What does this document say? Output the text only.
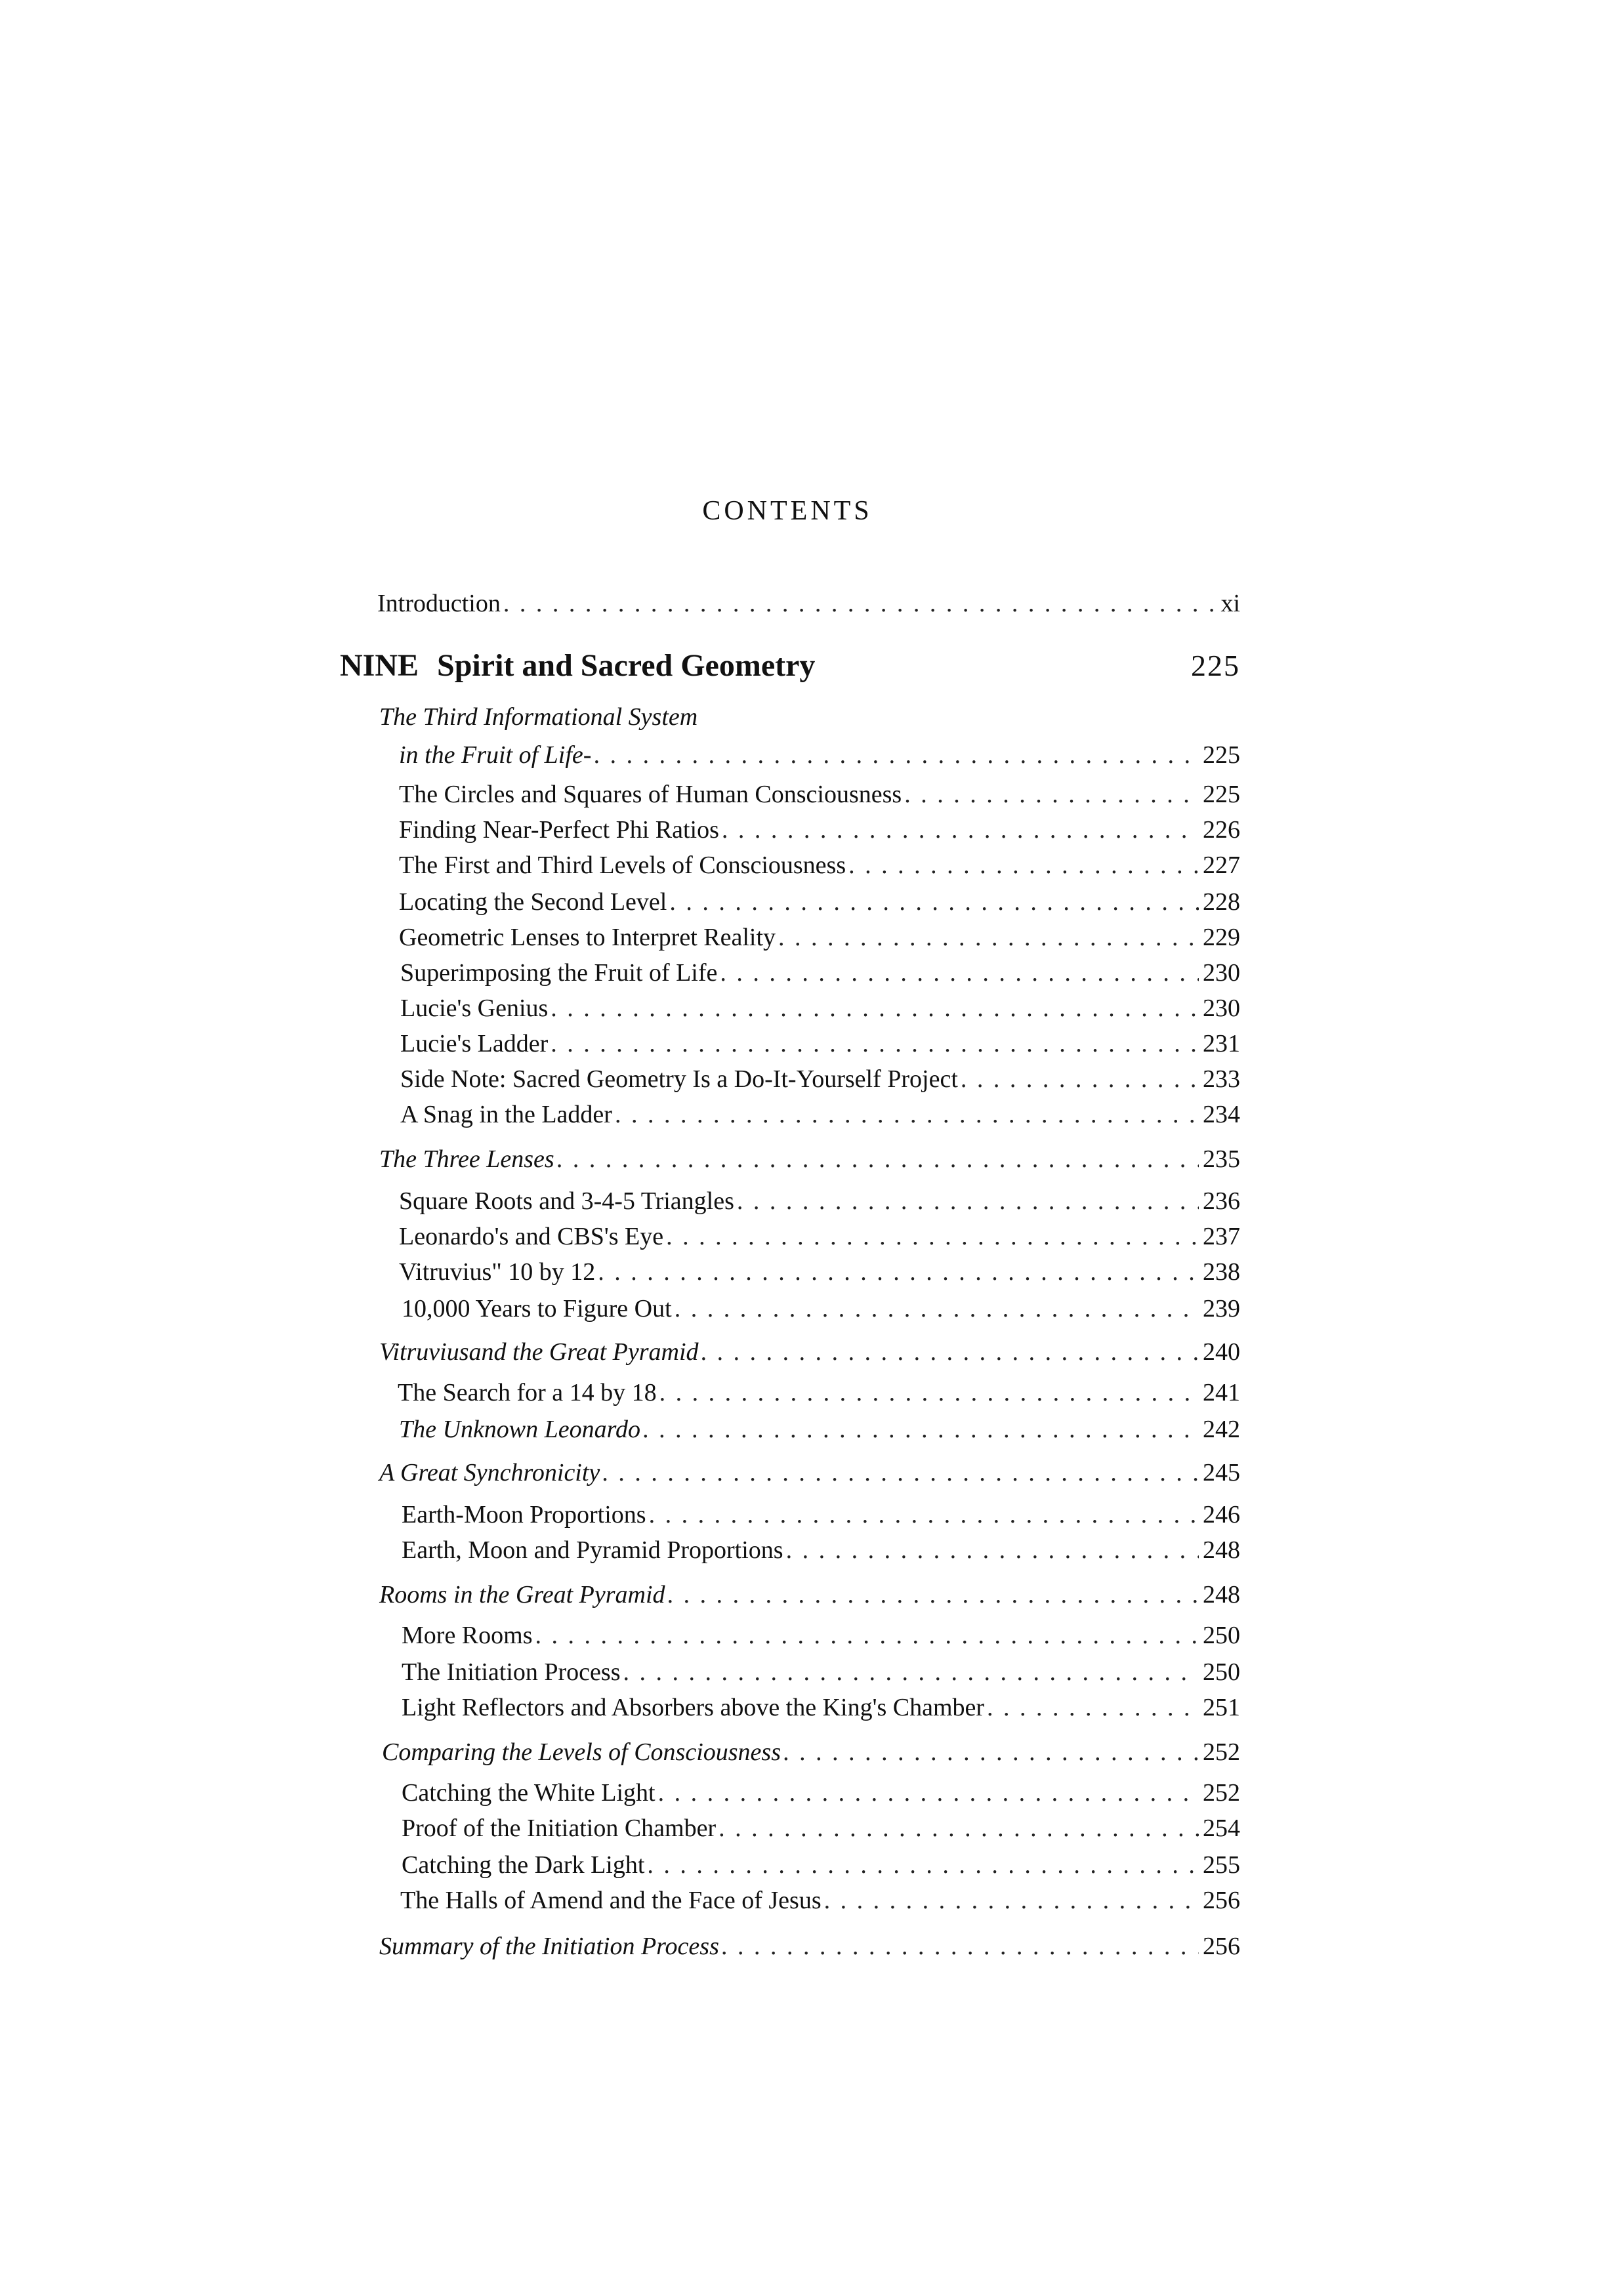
CONTENTS
Introduction . . .	xi
NINE Spirit and Sacred Geometry	225
The Third Informational System
in the Fruit of Life- . . .	225
The Circles and Squares of Human Consciousness . . .	225
Finding Near-Perfect Phi Ratios . . .	226
The First and Third Levels of Consciousness . . .	227
Locating the Second Level . . .	228
Geometric Lenses to Interpret Reality . . .	229
Superimposing the Fruit of Life . . .	230
Lucie's Genius . . .	230
Lucie's Ladder . . .	231
Side Note: Sacred Geometry Is a Do-It-Yourself Project . . .	233
A Snag in the Ladder . . .	234
The Three Lenses . . .	235
Square Roots and 3-4-5 Triangles . . .	236
Leonardo's and CBS's Eye . . .	237
Vitruvius" 10 by 12 . . .	238
10,000 Years to Figure Out . . .	239
Vitruviusand the Great Pyramid . . .	240
The Search for a 14 by 18 . . .	241
The Unknown Leonardo . . .	242
A Great Synchronicity . . .	245
Earth-Moon Proportions . . .	246
Earth, Moon and Pyramid Proportions . . .	248
Rooms in the Great Pyramid . . .	248
More Rooms . . .	250
The Initiation Process . . .	250
Light Reflectors and Absorbers above the King's Chamber . . .	251
Comparing the Levels of Consciousness . . .	252
Catching the White Light . . .	252
Proof of the Initiation Chamber . . .	254
Catching the Dark Light . . .	255
The Halls of Amend and the Face of Jesus . . .	256
Summary of the Initiation Process . . .	256
